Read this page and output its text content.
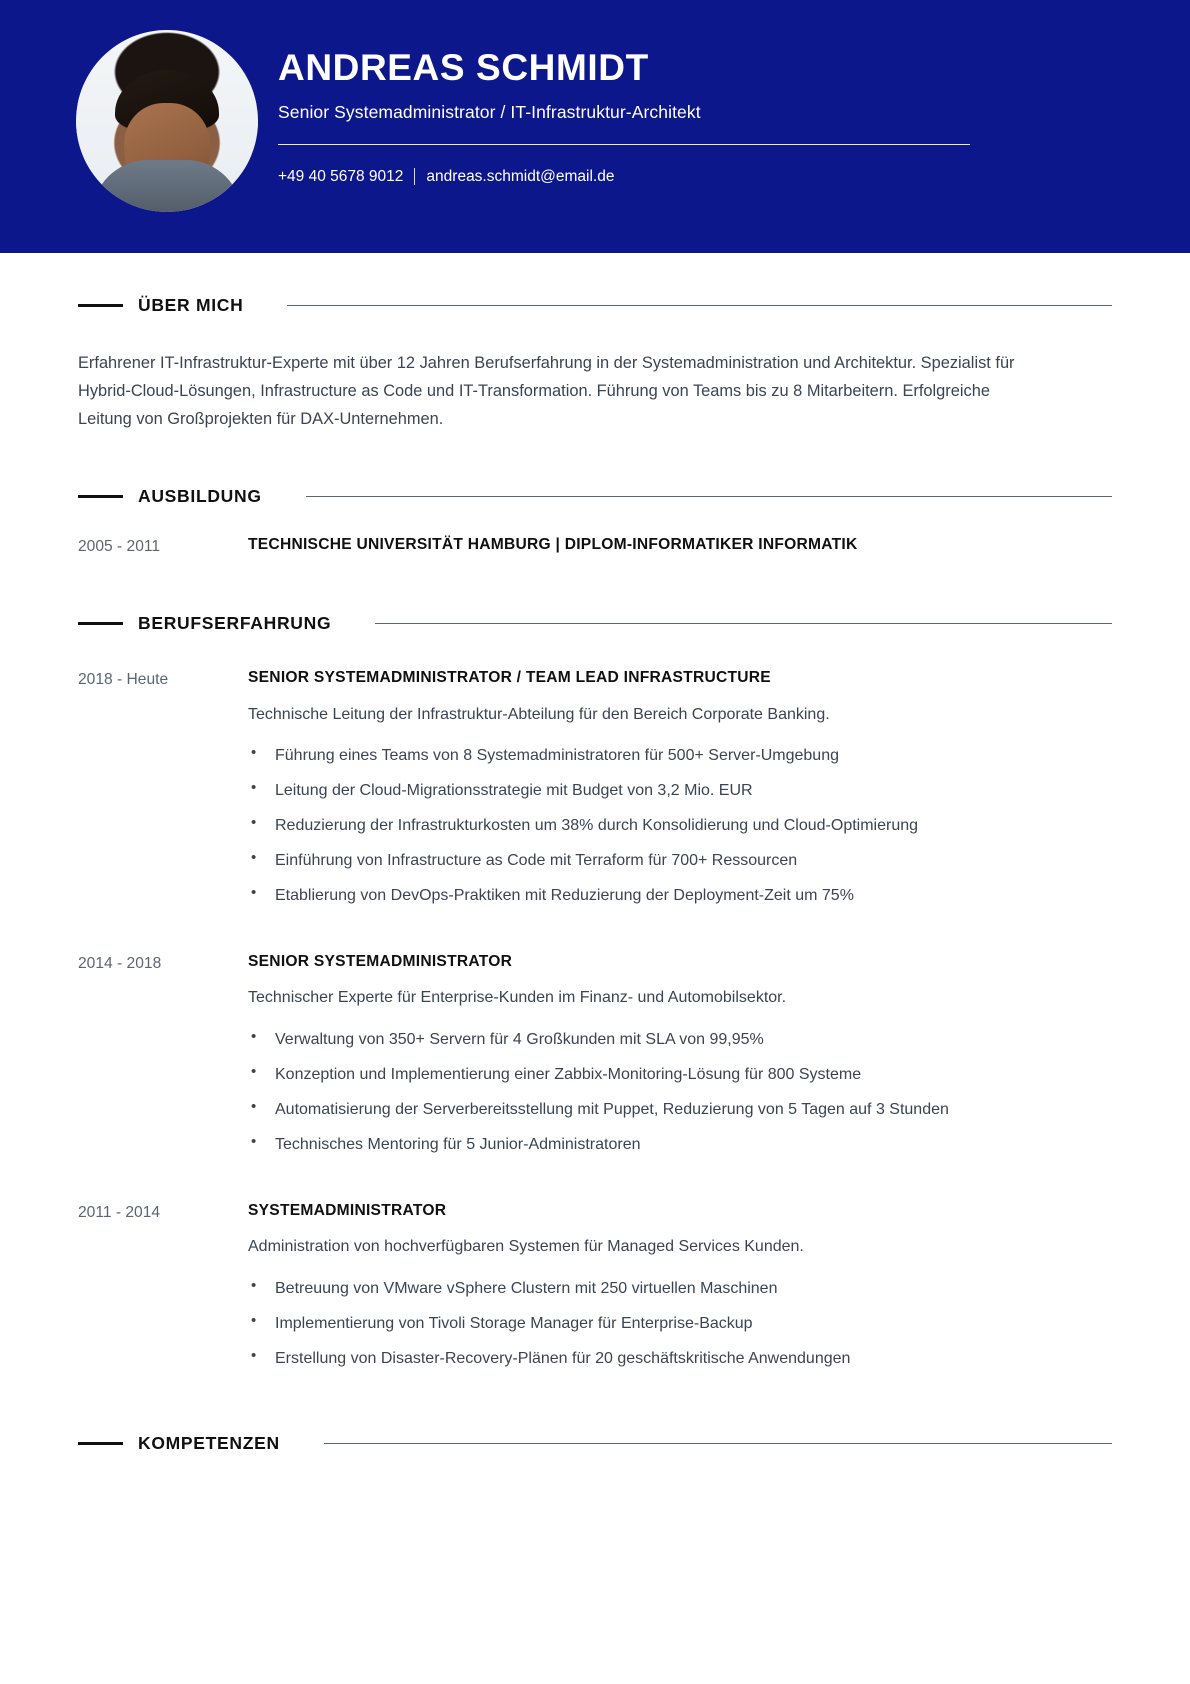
ANDREAS SCHMIDT
Senior Systemadministrator / IT-Infrastruktur-Architekt
+49 40 5678 9012 andreas.schmidt@email.de
ÜBER MICH

Erfahrener IT-Infrastruktur-Experte mit über 12 Jahren Berufserfahrung in der Systemadministration und Architektur. Spezialist für Hybrid-Cloud-Lösungen, Infrastructure as Code und IT-Transformation. Führung von Teams bis zu 8 Mitarbeitern. Erfolgreiche Leitung von Großprojekten für DAX-Unternehmen.

AUSBILDUNG
2005 - 2011	TECHNISCHE UNIVERSITÄT HAMBURG | DIPLOM-INFORMATIKER INFORMATIK
BERUFSERFAHRUNG
2018 - Heute	SENIOR SYSTEMADMINISTRATOR / TEAM LEAD INFRASTRUCTURE
Technische Leitung der Infrastruktur-Abteilung für den Bereich Corporate Banking.
• Führung eines Teams von 8 Systemadministratoren für 500+ Server-Umgebung
• Leitung der Cloud-Migrationsstrategie mit Budget von 3,2 Mio. EUR
• Reduzierung der Infrastrukturkosten um 38% durch Konsolidierung und Cloud-Optimierung
• Einführung von Infrastructure as Code mit Terraform für 700+ Ressourcen
• Etablierung von DevOps-Praktiken mit Reduzierung der Deployment-Zeit um 75%
2014 - 2018	SENIOR SYSTEMADMINISTRATOR
Technischer Experte für Enterprise-Kunden im Finanz- und Automobilsektor.
• Verwaltung von 350+ Servern für 4 Großkunden mit SLA von 99,95%
• Konzeption und Implementierung einer Zabbix-Monitoring-Lösung für 800 Systeme
• Automatisierung der Serverbereitsstellung mit Puppet, Reduzierung von 5 Tagen auf 3 Stunden
• Technisches Mentoring für 5 Junior-Administratoren
2011 - 2014	SYSTEMADMINISTRATOR
Administration von hochverfügbaren Systemen für Managed Services Kunden.
• Betreuung von VMware vSphere Clustern mit 250 virtuellen Maschinen
• Implementierung von Tivoli Storage Manager für Enterprise-Backup
• Erstellung von Disaster-Recovery-Plänen für 20 geschäftskritische Anwendungen
KOMPETENZEN
